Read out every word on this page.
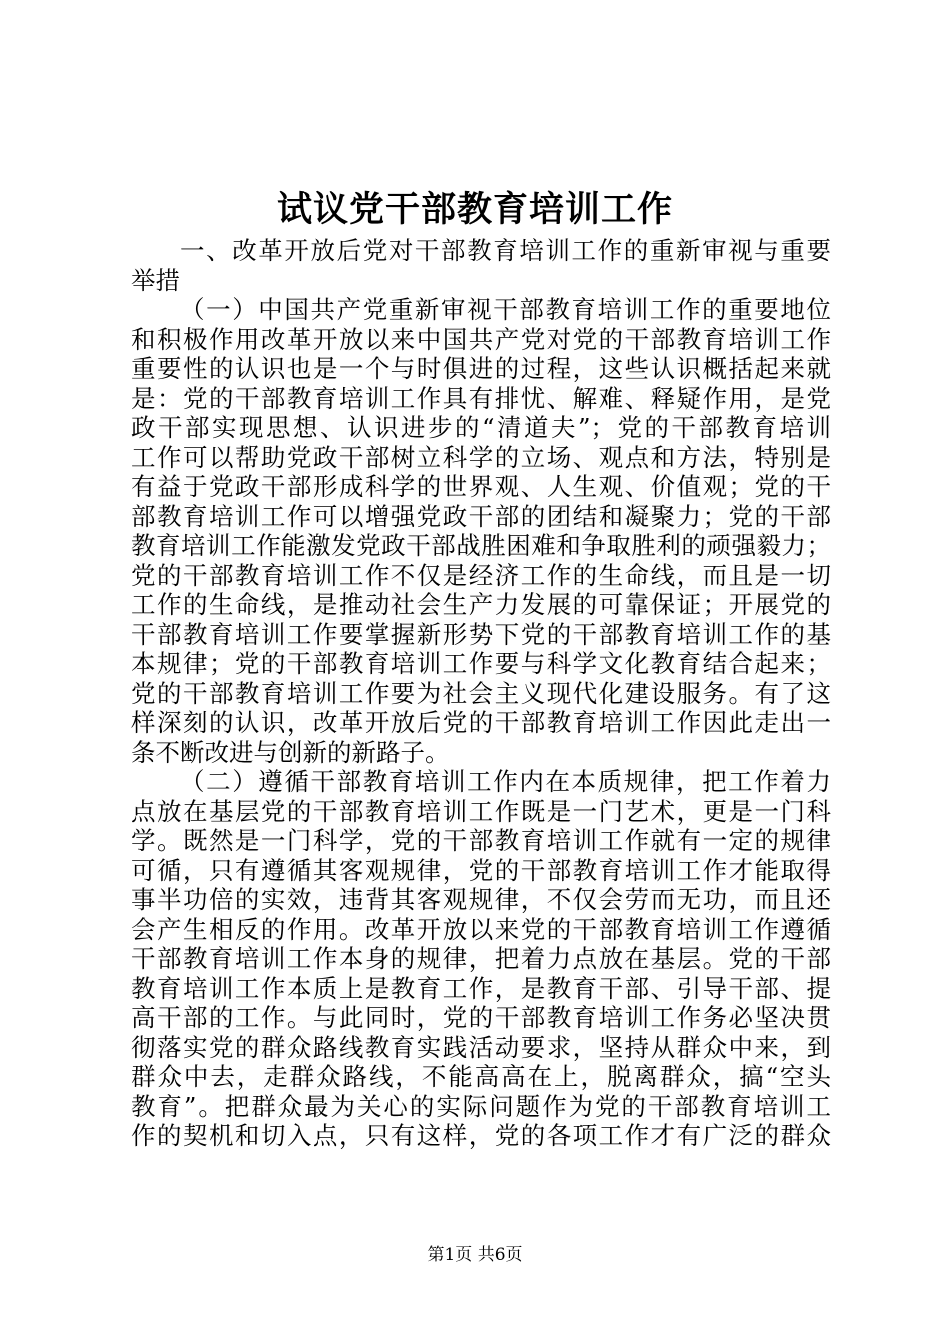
试议党干部教育培训工作
一、改革开放后党对干部教育培训工作的重新审视与重要
举措
（一）中国共产党重新审视干部教育培训工作的重要地位
和积极作用改革开放以来中国共产党对党的干部教育培训工作
重要性的认识也是一个与时俱进的过程，这些认识概括起来就
是：党的干部教育培训工作具有排忧、解难、释疑作用，是党
政干部实现思想、认识进步的“清道夫”；党的干部教育培训
工作可以帮助党政干部树立科学的立场、观点和方法，特别是
有益于党政干部形成科学的世界观、人生观、价值观；党的干
部教育培训工作可以增强党政干部的团结和凝聚力；党的干部
教育培训工作能激发党政干部战胜困难和争取胜利的顽强毅力；
党的干部教育培训工作不仅是经济工作的生命线，而且是一切
工作的生命线，是推动社会生产力发展的可靠保证；开展党的
干部教育培训工作要掌握新形势下党的干部教育培训工作的基
本规律；党的干部教育培训工作要与科学文化教育结合起来；
党的干部教育培训工作要为社会主义现代化建设服务。有了这
样深刻的认识，改革开放后党的干部教育培训工作因此走出一
条不断改进与创新的新路子。
（二）遵循干部教育培训工作内在本质规律，把工作着力
点放在基层党的干部教育培训工作既是一门艺术，更是一门科
学。既然是一门科学，党的干部教育培训工作就有一定的规律
可循，只有遵循其客观规律，党的干部教育培训工作才能取得
事半功倍的实效，违背其客观规律，不仅会劳而无功，而且还
会产生相反的作用。改革开放以来党的干部教育培训工作遵循
干部教育培训工作本身的规律，把着力点放在基层。党的干部
教育培训工作本质上是教育工作，是教育干部、引导干部、提
高干部的工作。与此同时，党的干部教育培训工作务必坚决贯
彻落实党的群众路线教育实践活动要求，坚持从群众中来，到
群众中去，走群众路线，不能高高在上，脱离群众，搞“空头
教育”。把群众最为关心的实际问题作为党的干部教育培训工
作的契机和切入点，只有这样，党的各项工作才有广泛的群众
第1页 共6页
